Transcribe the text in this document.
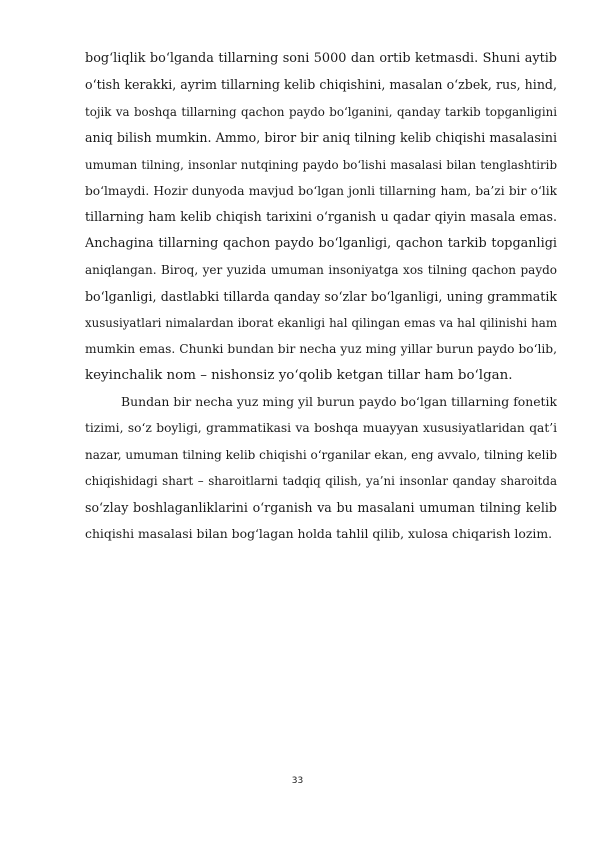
bog‘liqlik bo‘lganda tillarning soni 5000 dan ortib ketmasdi. Shuni aytib
o‘tish kerakki, ayrim tillarning kelib chiqishini, masalan o‘zbek, rus, hind,
tojik va boshqa tillarning qachon paydo bo‘lganini, qanday tarkib topganligini
aniq bilish mumkin. Ammo, biror bir aniq tilning kelib chiqishi masalasini
umuman tilning, insonlar nutqining paydo bo‘lishi masalasi bilan tenglashtirib
bo‘lmaydi. Hozir dunyoda mavjud bo‘lgan jonli tillarning ham, ba’zi bir o‘lik
tillarning ham kelib chiqish tarixini o‘rganish u qadar qiyin masala emas.
Anchagina tillarning qachon paydo bo‘lganligi, qachon tarkib topganligi
aniqlangan. Biroq, yer yuzida umuman insoniyatga xos tilning qachon paydo
bo‘lganligi, dastlabki tillarda qanday so‘zlar bo‘lganligi, uning grammatik
xususiyatlari nimalardan iborat ekanligi hal qilingan emas va hal qilinishi ham
mumkin emas. Chunki bundan bir necha yuz ming yillar burun paydo bo‘lib,
keyinchalik nom – nishonsiz yo‘qolib ketgan tillar ham bo‘lgan.
Bundan bir necha yuz ming yil burun paydo bo‘lgan tillarning fonetik
tizimi, so‘z boyligi, grammatikasi va boshqa muayyan xususiyatlaridan qat’i
nazar, umuman tilning kelib chiqishi o‘rganilar ekan, eng avvalo, tilning kelib
chiqishidagi shart – sharoitlarni tadqiq qilish, ya’ni insonlar qanday sharoitda
so‘zlay boshlaganliklarini o‘rganish va bu masalani umuman tilning kelib
chiqishi masalasi bilan bog‘lagan holda tahlil qilib, xulosa chiqarish lozim.
33
